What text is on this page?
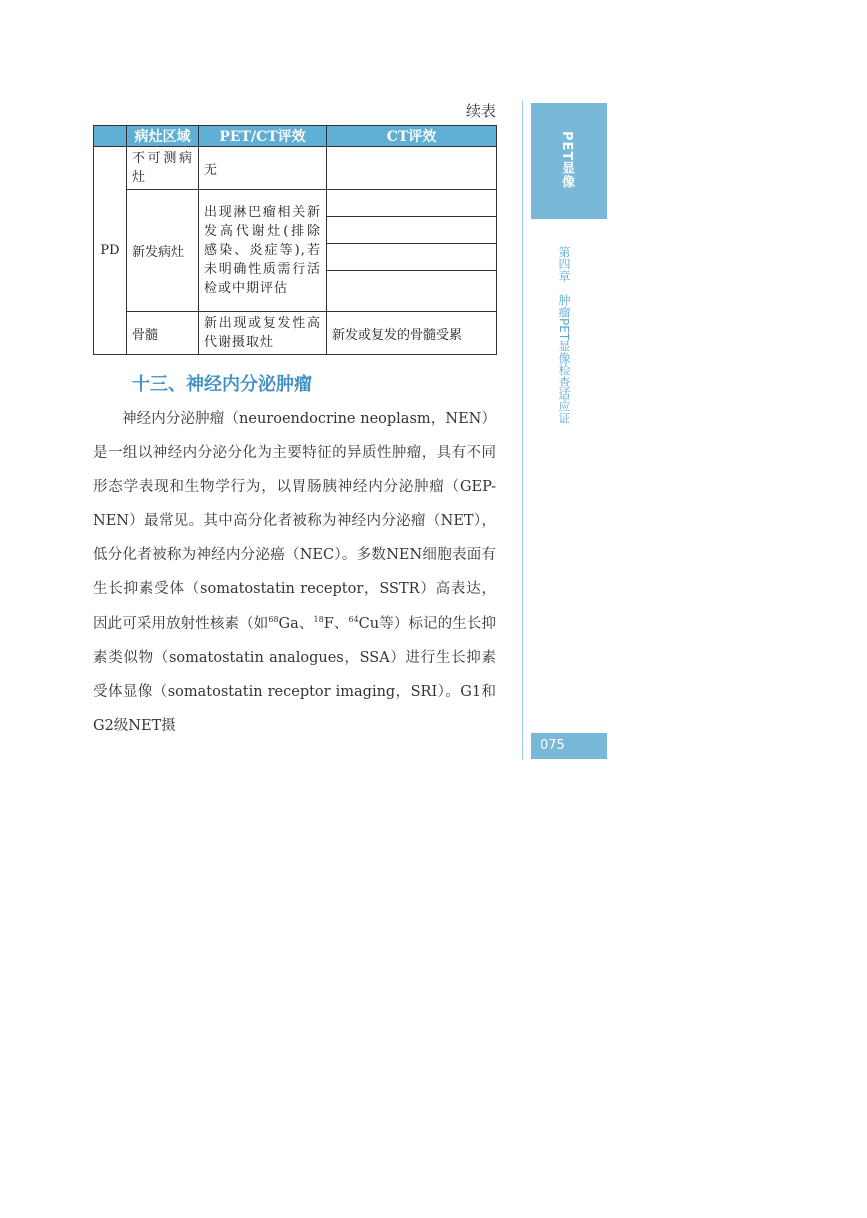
续表
	病灶区域	PET/CT评效	CT评效
PD	不可测病灶	无	
	新发病灶	出现淋巴瘤相关新发高代谢灶(排除感染、炎症等),若未明确性质需行活检或中期评估	

	骨髓	新出现或复发性高代谢摄取灶	新发或复发的骨髓受累
十三、神经内分泌肿瘤

神经内分泌肿瘤（neuroendocrine neoplasm，NEN）是一组以神经内分泌分化为主要特征的异质性肿瘤，具有不同形态学表现和生物学行为，以胃肠胰神经内分泌肿瘤（GEP-NEN）最常见。其中高分化者被称为神经内分泌瘤（NET），低分化者被称为神经内分泌癌（NEC）。多数NEN细胞表面有生长抑素受体（somatostatin receptor，SSTR）高表达，因此可采用放射性核素（如$^{68}$Ga、$^{18}$F、$^{64}$Cu等）标记的生长抑素类似物（somatostatin analogues，SSA）进行生长抑素受体显像（somatostatin receptor imaging，SRI）。G1和G2级NET摄

PET显像
第四章　肿瘤PET显像检查适应证
075
